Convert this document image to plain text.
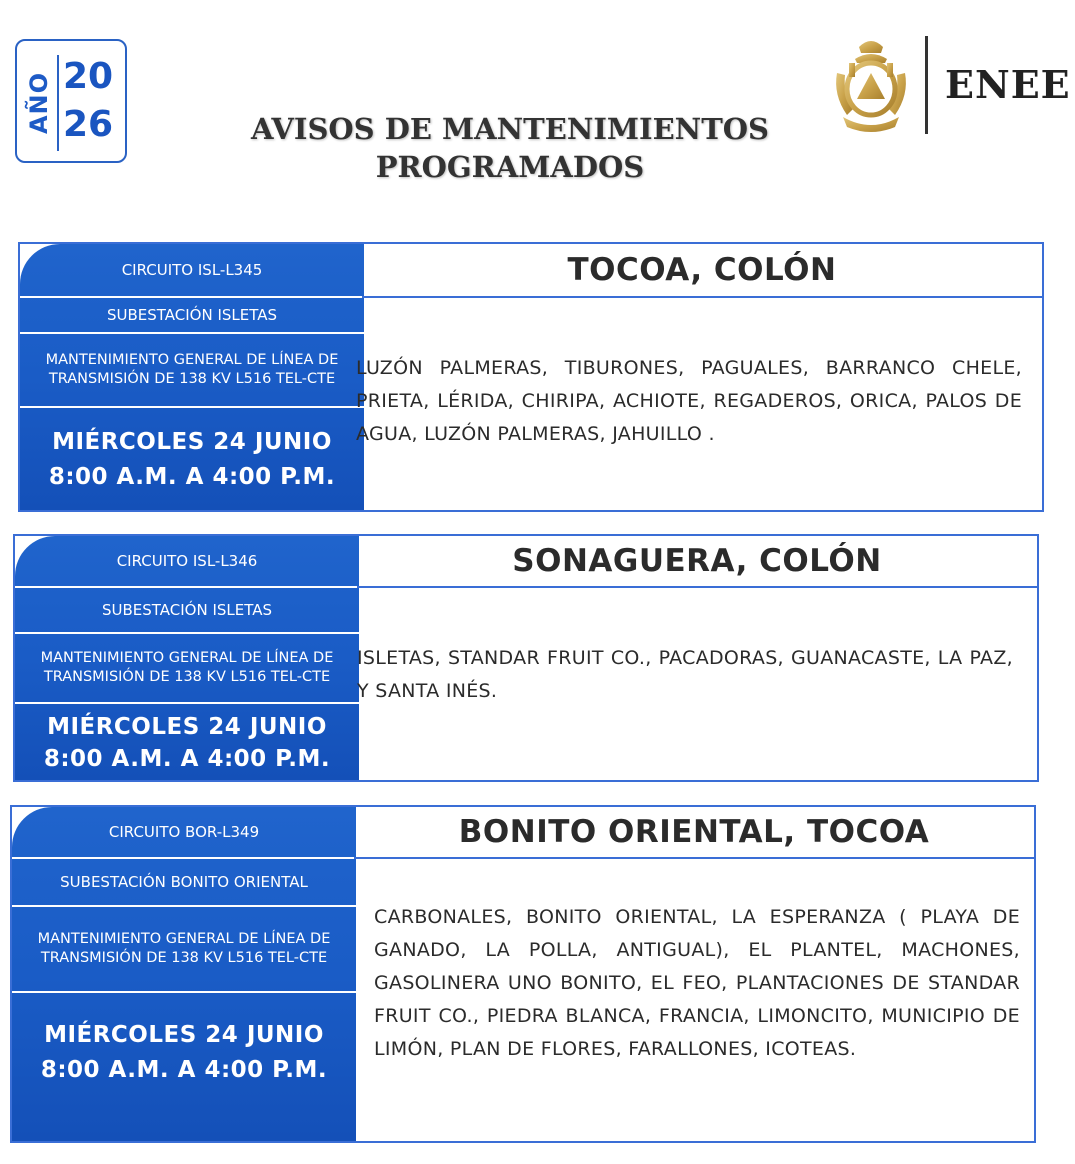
AÑO 20
26	AVISOS DE MANTENIMIENTOS
PROGRAMADOS
ENEE
CIRCUITO ISL-L345
SUBESTACIÓN ISLETAS
MANTENIMIENTO GENERAL DE LÍNEA DE TRANSMISIÓN DE 138 KV L516 TEL-CTE
MIÉRCOLES 24 JUNIO
8:00 A.M. A 4:00 P.M.
TOCOA, COLÓN
LUZÓN PALMERAS, TIBURONES, PAGUALES, BARRANCO CHELE, PRIETA, LÉRIDA, CHIRIPA, ACHIOTE, REGADEROS, ORICA, PALOS DE AGUA, LUZÓN PALMERAS, JAHUILLO .
CIRCUITO ISL-L346
SUBESTACIÓN ISLETAS
MANTENIMIENTO GENERAL DE LÍNEA DE TRANSMISIÓN DE 138 KV L516 TEL-CTE
MIÉRCOLES 24 JUNIO
8:00 A.M. A 4:00 P.M.
SONAGUERA, COLÓN
ISLETAS, STANDAR FRUIT CO., PACADORAS, GUANACASTE, LA PAZ, Y SANTA INÉS.
CIRCUITO BOR-L349
SUBESTACIÓN BONITO ORIENTAL
MANTENIMIENTO GENERAL DE LÍNEA DE TRANSMISIÓN DE 138 KV L516 TEL-CTE
MIÉRCOLES 24 JUNIO
8:00 A.M. A 4:00 P.M.
BONITO ORIENTAL, TOCOA
CARBONALES, BONITO ORIENTAL, LA ESPERANZA ( PLAYA DE GANADO, LA POLLA, ANTIGUAL), EL PLANTEL, MACHONES, GASOLINERA UNO BONITO, EL FEO, PLANTACIONES DE STANDAR FRUIT CO., PIEDRA BLANCA, FRANCIA, LIMONCITO, MUNICIPIO DE LIMÓN, PLAN DE FLORES, FARALLONES, ICOTEAS.
